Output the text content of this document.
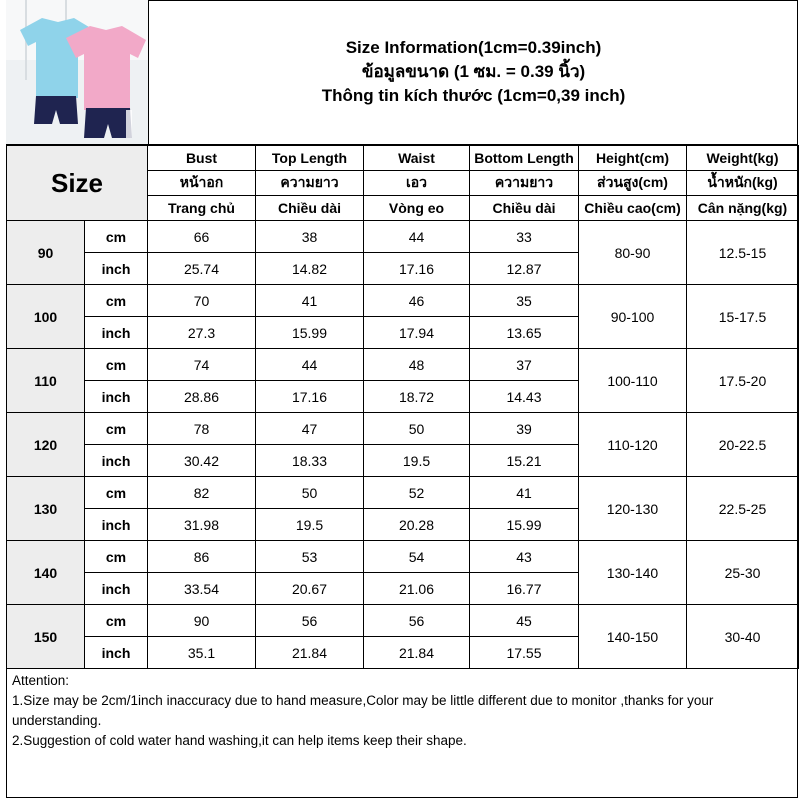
Size Information(1cm=0.39inch)
ข้อมูลขนาด (1 ซม. = 0.39 นิ้ว)
Thông tin kích thước (1cm=0,39 inch)
Size		Bust	Top Length	Waist	Bottom Length	Height(cm)	Weight(kg)
		หน้าอก	ความยาว	เอว	ความยาว	ส่วนสูง(cm)	น้ำหนัก(kg)
		Trang chủ	Chiều dài	Vòng eo	Chiều dài	Chiều cao(cm)	Cân nặng(kg)
90	cm	66	38	44	33	80-90	12.5-15
	inch	25.74	14.82	17.16	12.87		
100	cm	70	41	46	35	90-100	15-17.5
	inch	27.3	15.99	17.94	13.65		
110	cm	74	44	48	37	100-110	17.5-20
	inch	28.86	17.16	18.72	14.43		
120	cm	78	47	50	39	110-120	20-22.5
	inch	30.42	18.33	19.5	15.21		
130	cm	82	50	52	41	120-130	22.5-25
	inch	31.98	19.5	20.28	15.99		
140	cm	86	53	54	43	130-140	25-30
	inch	33.54	20.67	21.06	16.77		
150	cm	90	56	56	45	140-150	30-40
	inch	35.1	21.84	21.84	17.55		
Attention:
1.Size may be 2cm/1inch inaccuracy due to hand measure,Color may be little different due to monitor ,thanks for your understanding.
2.Suggestion of cold water hand washing,it can help items keep their shape.
